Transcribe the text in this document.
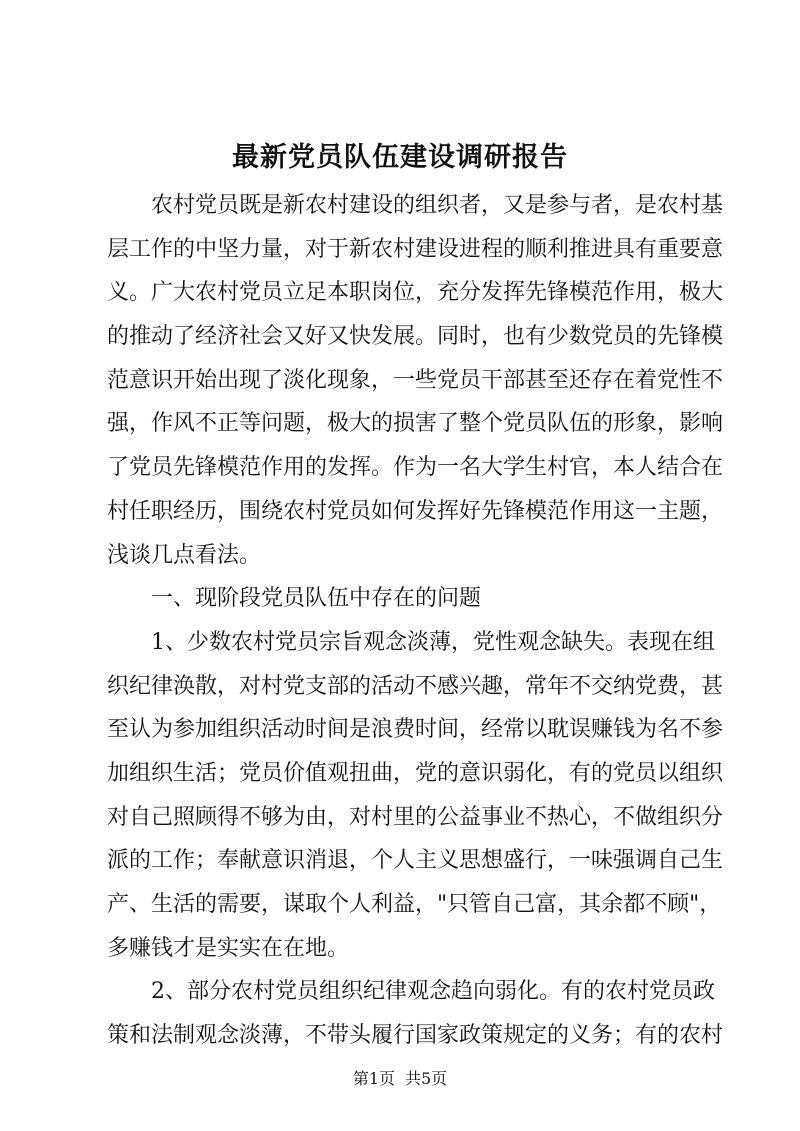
最新党员队伍建设调研报告
农村党员既是新农村建设的组织者，又是参与者，是农村基
层工作的中坚力量，对于新农村建设进程的顺利推进具有重要意
义。广大农村党员立足本职岗位，充分发挥先锋模范作用，极大
的推动了经济社会又好又快发展。同时，也有少数党员的先锋模
范意识开始出现了淡化现象，一些党员干部甚至还存在着党性不
强，作风不正等问题，极大的损害了整个党员队伍的形象，影响
了党员先锋模范作用的发挥。作为一名大学生村官，本人结合在
村任职经历，围绕农村党员如何发挥好先锋模范作用这一主题，
浅谈几点看法。
一、现阶段党员队伍中存在的问题
1、少数农村党员宗旨观念淡薄，党性观念缺失。表现在组
织纪律涣散，对村党支部的活动不感兴趣，常年不交纳党费，甚
至认为参加组织活动时间是浪费时间，经常以耽误赚钱为名不参
加组织生活；党员价值观扭曲，党的意识弱化，有的党员以组织
对自己照顾得不够为由，对村里的公益事业不热心，不做组织分
派的工作；奉献意识消退，个人主义思想盛行，一味强调自己生
产、生活的需要，谋取个人利益，"只管自己富，其余都不顾"，
多赚钱才是实实在在地。
2、部分农村党员组织纪律观念趋向弱化。有的农村党员政
策和法制观念淡薄，不带头履行国家政策规定的义务；有的农村
第1页 共5页
